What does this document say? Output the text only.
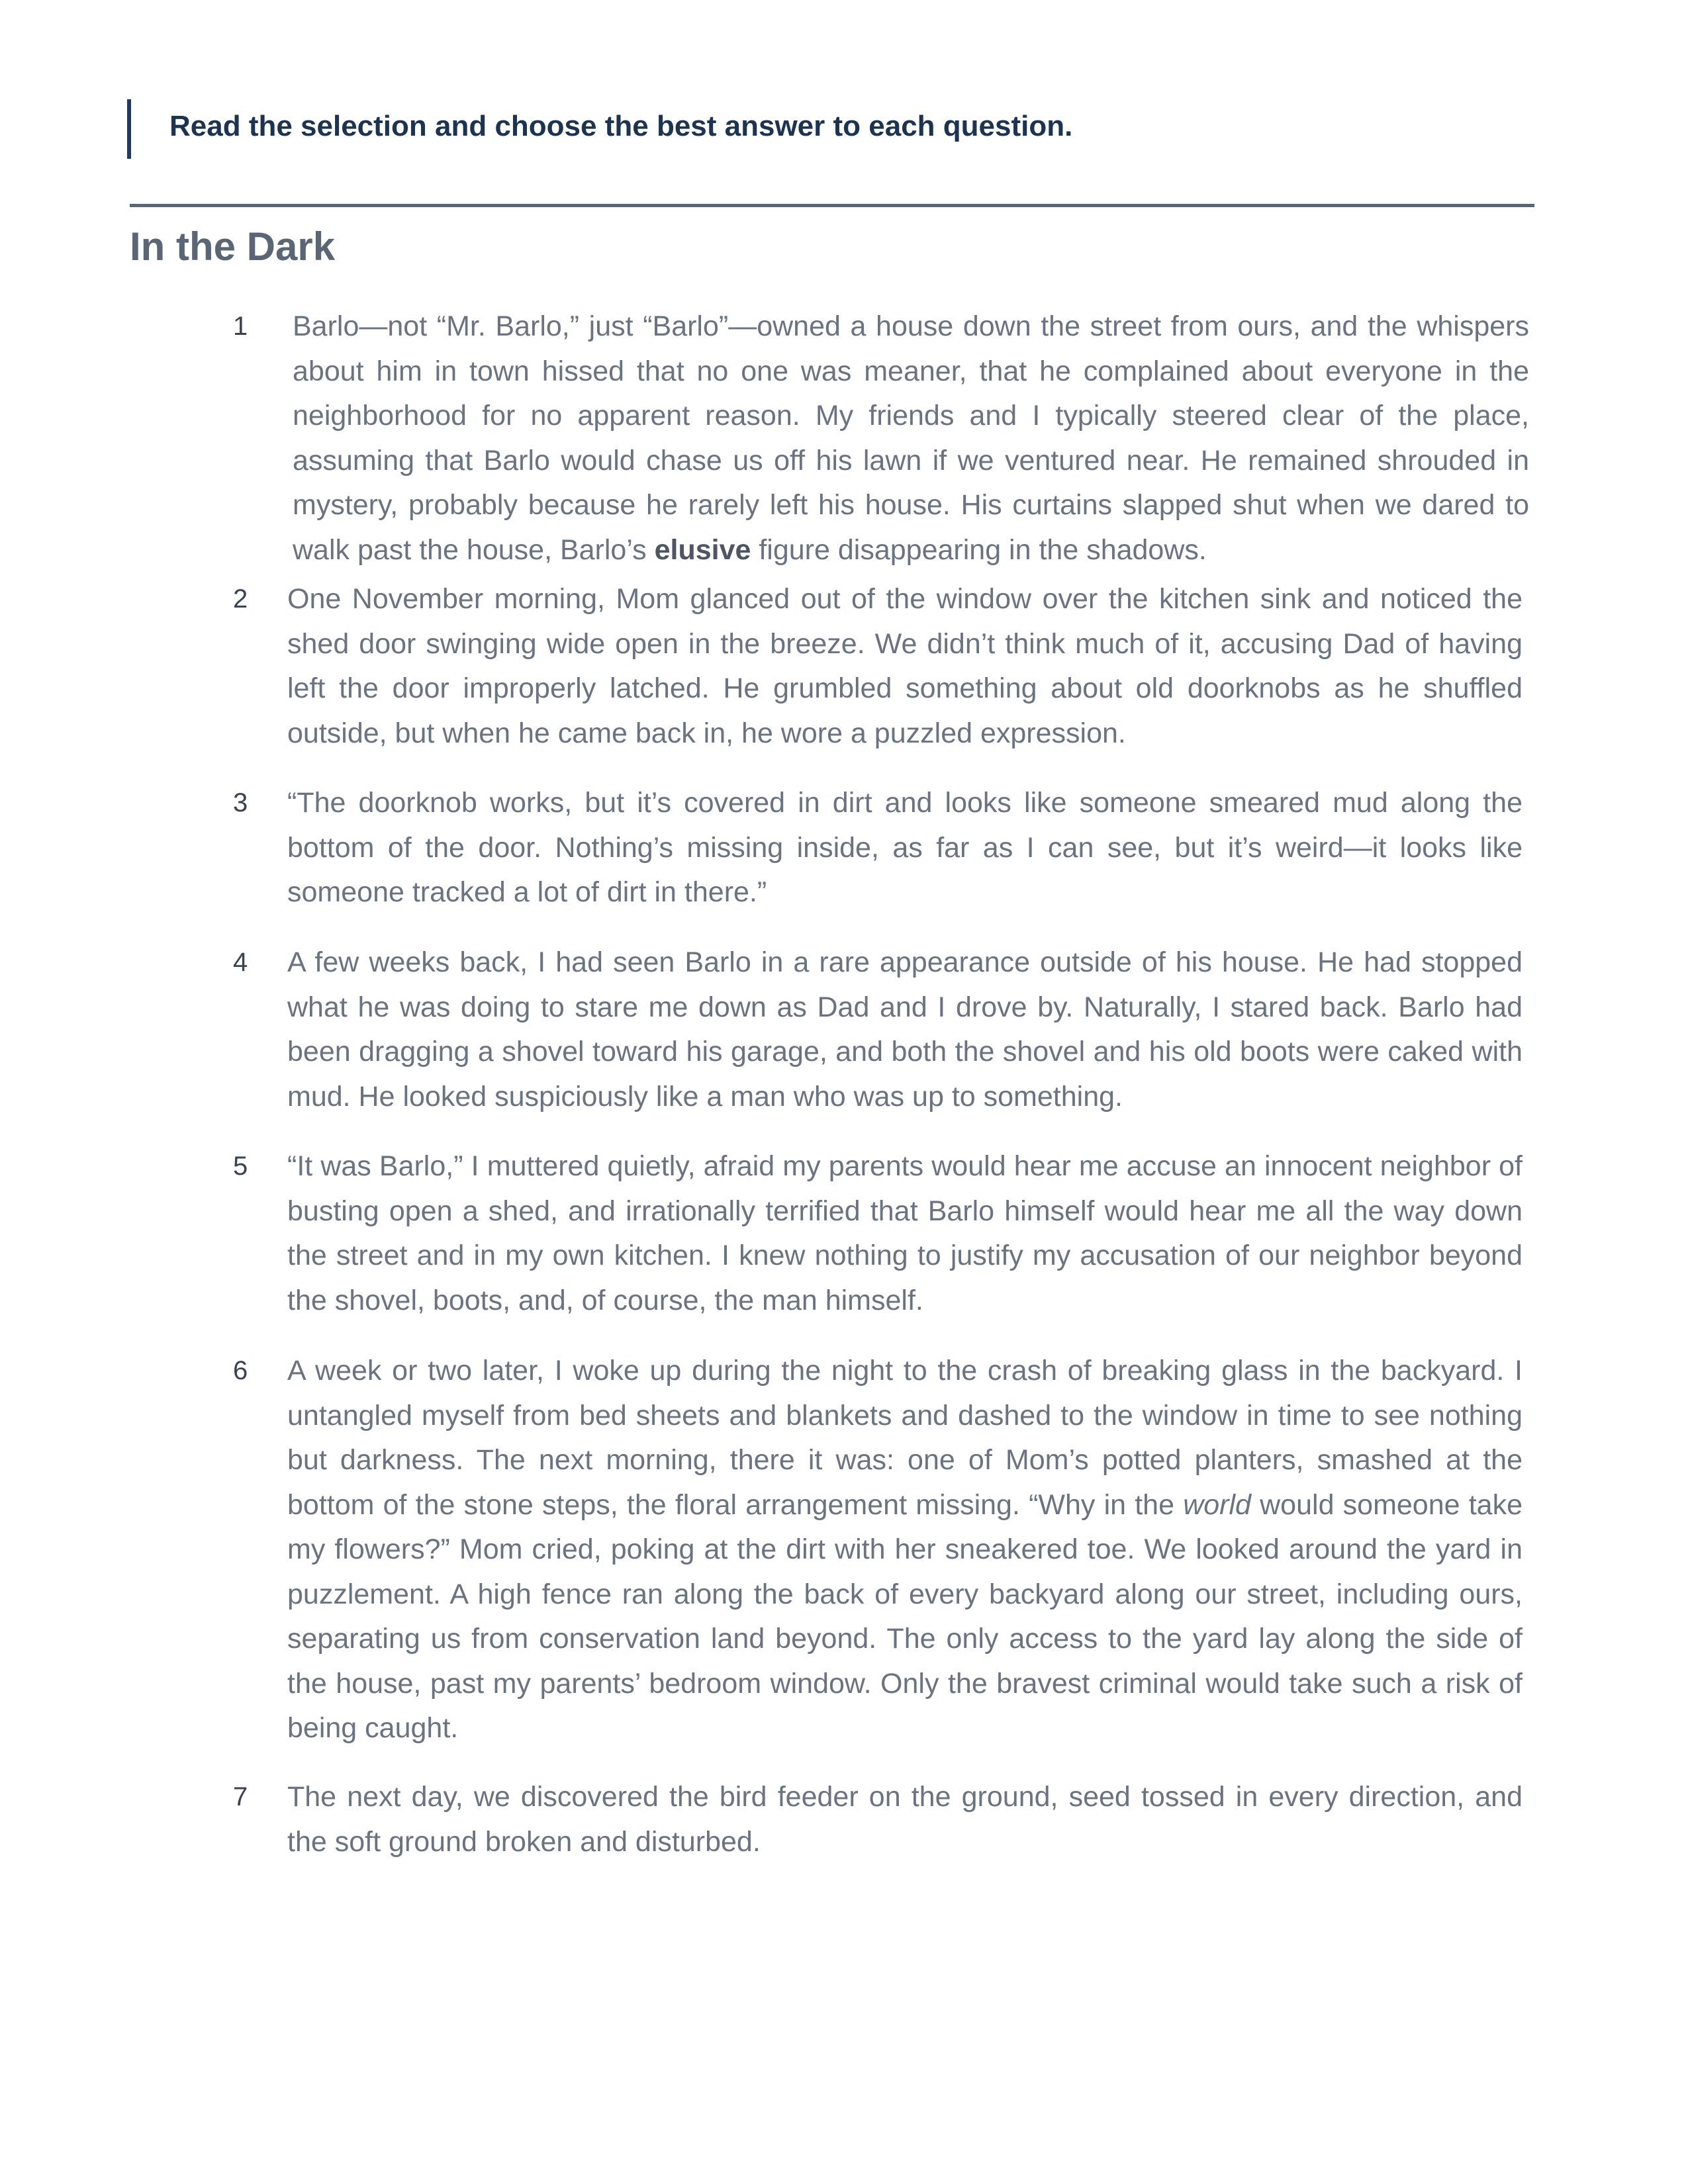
Read the selection and choose the best answer to each question.
In the Dark
1 Barlo—not “Mr. Barlo,” just “Barlo”—owned a house down the street from ours, and the whispers about him in town hissed that no one was meaner, that he complained about everyone in the neighborhood for no apparent reason. My friends and I typically steered clear of the place, assuming that Barlo would chase us off his lawn if we ventured near. He remained shrouded in mystery, probably because he rarely left his house. His curtains slapped shut when we dared to walk past the house, Barlo’s elusive figure disappearing in the shadows.

2 One November morning, Mom glanced out of the window over the kitchen sink and noticed the shed door swinging wide open in the breeze. We didn’t think much of it, accusing Dad of having left the door improperly latched. He grumbled something about old doorknobs as he shuffled outside, but when he came back in, he wore a puzzled expression.

3 “The doorknob works, but it’s covered in dirt and looks like someone smeared mud along the bottom of the door. Nothing’s missing inside, as far as I can see, but it’s weird—it looks like someone tracked a lot of dirt in there.”

4 A few weeks back, I had seen Barlo in a rare appearance outside of his house. He had stopped what he was doing to stare me down as Dad and I drove by. Naturally, I stared back. Barlo had been dragging a shovel toward his garage, and both the shovel and his old boots were caked with mud. He looked suspiciously like a man who was up to something.

5 “It was Barlo,” I muttered quietly, afraid my parents would hear me accuse an innocent neighbor of busting open a shed, and irrationally terrified that Barlo himself would hear me all the way down the street and in my own kitchen. I knew nothing to justify my accusation of our neighbor beyond the shovel, boots, and, of course, the man himself.

6 A week or two later, I woke up during the night to the crash of breaking glass in the backyard. I untangled myself from bed sheets and blankets and dashed to the window in time to see nothing but darkness. The next morning, there it was: one of Mom’s potted planters, smashed at the bottom of the stone steps, the floral arrangement missing. “Why in the world would someone take my flowers?” Mom cried, poking at the dirt with her sneakered toe. We looked around the yard in puzzlement. A high fence ran along the back of every backyard along our street, including ours, separating us from conservation land beyond. The only access to the yard lay along the side of the house, past my parents’ bedroom window. Only the bravest criminal would take such a risk of being caught.

7 The next day, we discovered the bird feeder on the ground, seed tossed in every direction, and the soft ground broken and disturbed.
